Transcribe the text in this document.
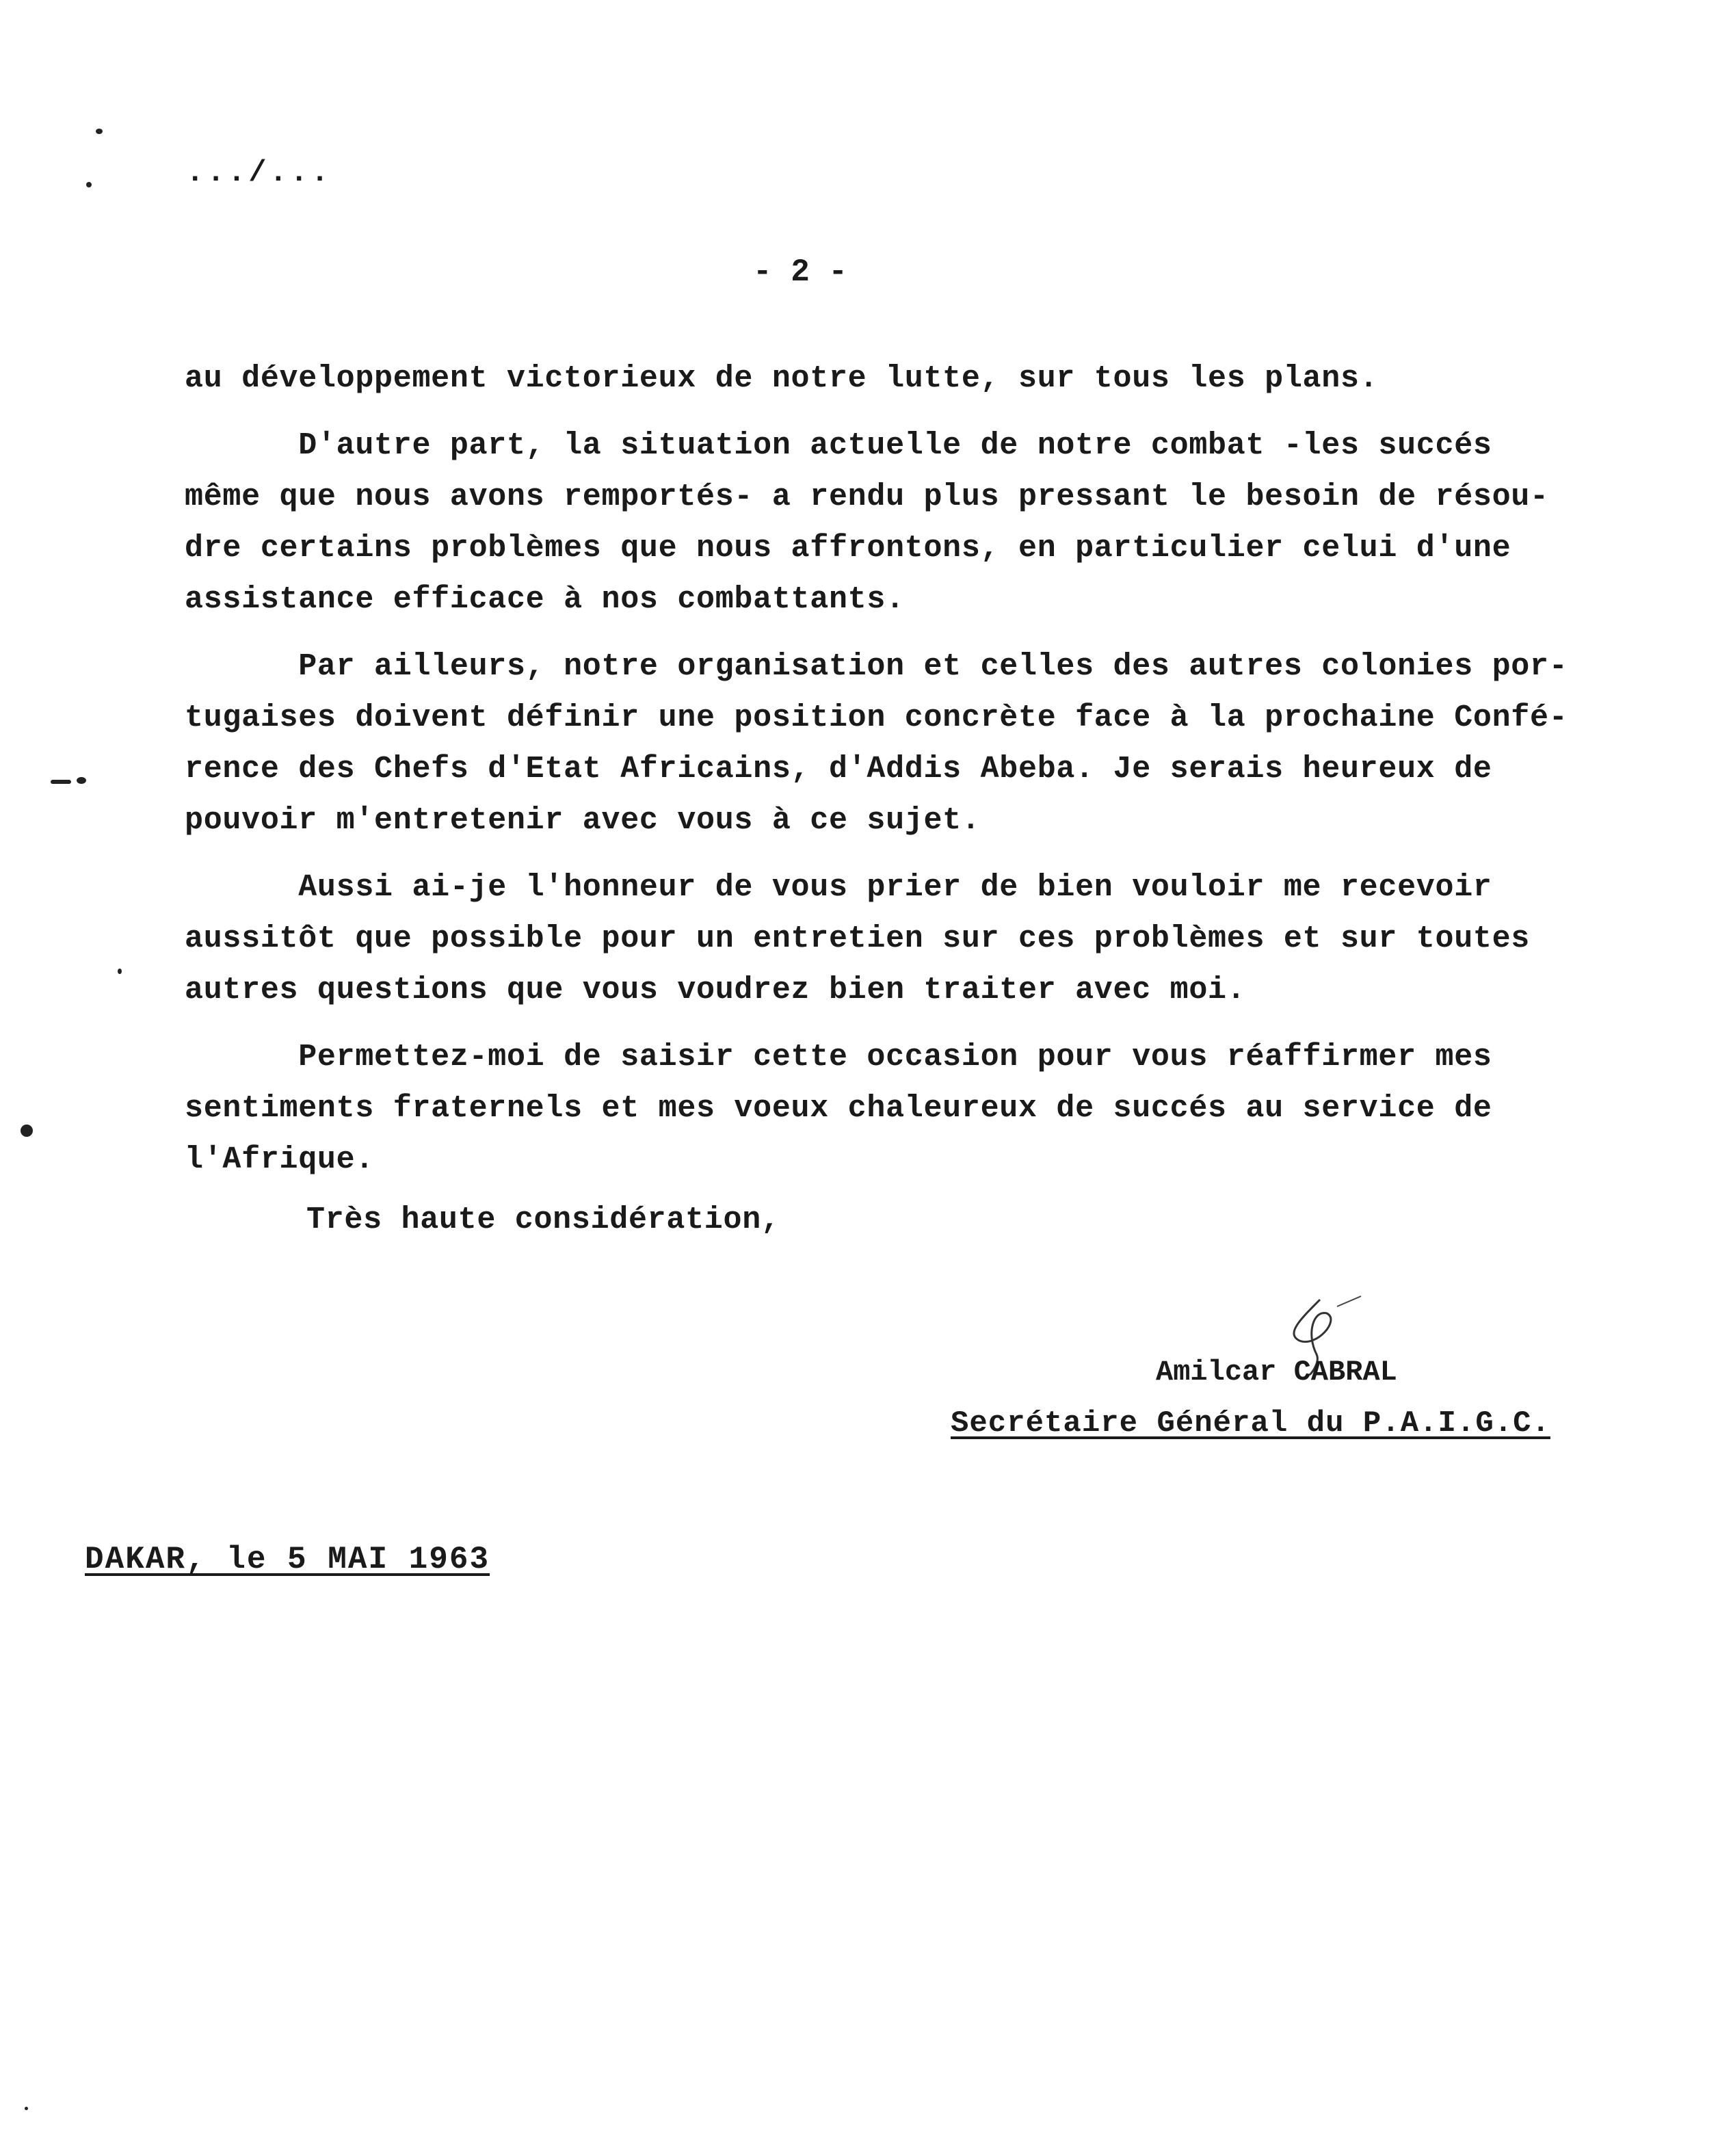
.../...
- 2 -
au développement victorieux de notre lutte, sur tous les plans.
D'autre part, la situation actuelle de notre combat -les succés
même que nous avons remportés- a rendu plus pressant le besoin de résou-
dre certains problèmes que nous affrontons, en particulier celui d'une
assistance efficace à nos combattants.
Par ailleurs, notre organisation et celles des autres colonies por-
tugaises doivent définir une position concrète face à la prochaine Confé-
rence des Chefs d'Etat Africains, d'Addis Abeba. Je serais heureux de
pouvoir m'entretenir avec vous à ce sujet.
Aussi ai-je l'honneur de vous prier de bien vouloir me recevoir
aussitôt que possible pour un entretien sur ces problèmes et sur toutes
autres questions que vous voudrez bien traiter avec moi.
Permettez-moi de saisir cette occasion pour vous réaffirmer mes
sentiments fraternels et mes voeux chaleureux de succés au service de
l'Afrique.
Très haute considération,
Amilcar CABRAL
Secrétaire Général du P.A.I.G.C.
DAKAR, le 5 MAI 1963
